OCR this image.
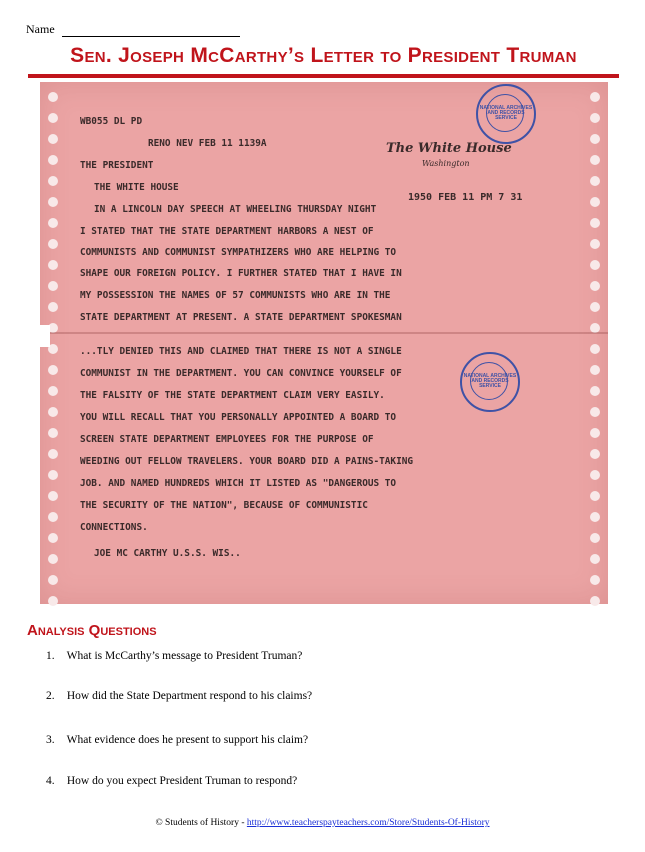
Name
Sen. Joseph McCarthy’s Letter to President Truman
The White House
Washington
1950 FEB 11 PM 7 31
NATIONAL ARCHIVES AND RECORDS SERVICE
NATIONAL ARCHIVES AND RECORDS SERVICE
WB055 DL PD
RENO NEV FEB 11 1139A
THE PRESIDENT
THE WHITE HOUSE
IN A LINCOLN DAY SPEECH AT WHEELING THURSDAY NIGHT
I STATED THAT THE STATE DEPARTMENT HARBORS A NEST OF
COMMUNISTS AND COMMUNIST SYMPATHIZERS WHO ARE HELPING TO
SHAPE OUR FOREIGN POLICY. I FURTHER STATED THAT I HAVE IN
MY POSSESSION THE NAMES OF 57 COMMUNISTS WHO ARE IN THE
STATE DEPARTMENT AT PRESENT. A STATE DEPARTMENT SPOKESMAN
...TLY DENIED THIS AND CLAIMED THAT THERE IS NOT A SINGLE
COMMUNIST IN THE DEPARTMENT. YOU CAN CONVINCE YOURSELF OF
THE FALSITY OF THE STATE DEPARTMENT CLAIM VERY EASILY.
YOU WILL RECALL THAT YOU PERSONALLY APPOINTED A BOARD TO
SCREEN STATE DEPARTMENT EMPLOYEES FOR THE PURPOSE OF
WEEDING OUT FELLOW TRAVELERS. YOUR BOARD DID A PAINS-TAKING
JOB. AND NAMED HUNDREDS WHICH IT LISTED AS "DANGEROUS TO
THE SECURITY OF THE NATION", BECAUSE OF COMMUNISTIC
CONNECTIONS.
JOE MC CARTHY U.S.S. WIS..
Analysis Questions
1. What is McCarthy’s message to President Truman?
2. How did the State Department respond to his claims?
3. What evidence does he present to support his claim?
4. How do you expect President Truman to respond?
© Students of History - http://www.teacherspayteachers.com/Store/Students-Of-History
